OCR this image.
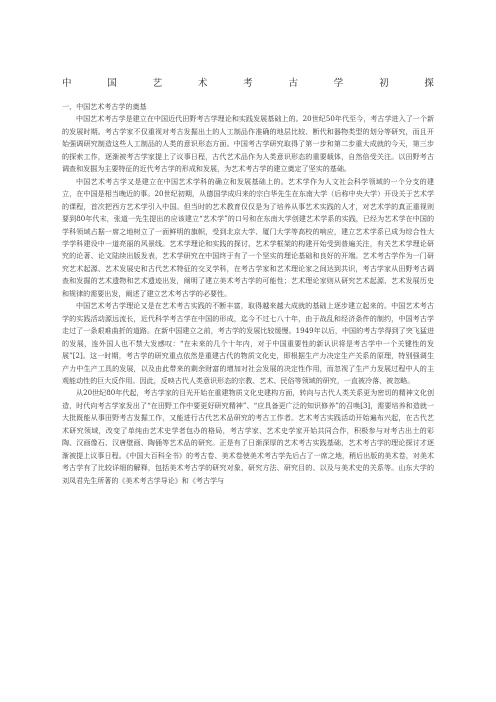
中	国	艺	术	考	古	学	初	探

一、中国艺术考古学的奠基

中国艺术考古学是建立在中国近代田野考古学理论和实践发展基础上的。20世纪50年代至今，考古学进入了一个新的发展时期。考古学家不仅重视对考古发掘出土的人工制品作准确的地层比较、断代和器物类型的划分等研究，而且开始强调研究制造这些人工制品的人类的意识形态方面。中国考古学研究取得了第一步和第二步重大成就的今天，第三步的探索工作，逐渐被考古学家提上了议事日程，古代艺术品作为人类意识形态的重要载体，自然倍受关注。以田野考古调查和发掘为主要特征的近代考古学的形成和发展，为艺术考古学的建立奠定了坚实的基础。

中国艺术考古学又是建立在中国艺术学科的确立和发展基础上的。艺术学作为人文社会科学领域的一个分支的建立，在中国是相当晚近的事。20世纪初期，从德国学成归来的宗白华先生在东南大学（后称中央大学）开设关于艺术学的课程，首次把西方艺术学引入中国。但当时的艺术教育仅仅是为了培养从事艺术实践的人才，对艺术学的真正重视则要到80年代末，张道一先生提出的应该建立“艺术学”的口号和在东南大学创建艺术学系的实践，已经为艺术学在中国的学科领域占据一席之地树立了一面鲜明的旗帜，受到北京大学、厦门大学等高校的响应，建立艺术学系已成为综合性大学学科建设中一道亮丽的风景线。艺术学理论和实践的探讨、艺术学框架的构建开始受到普遍关注，有关艺术学理论研究的论著、论文陆续出版发表，艺术学研究在中国终于有了一个坚实的理论基础和良好的开端。艺术考古学作为一门研究艺术起源、艺术发展史和古代艺术特征的交叉学科，在考古学家和艺术理论家之间达到共识，考古学家从田野考古调查和发掘的艺术遗物和艺术遗迹出发，阐明了建立美术考古学的可能性；艺术理论家则从研究艺术起源、艺术发展历史和规律的需要出发，阐述了建立艺术考古学的必要性。

中国艺术考古学理论又是在艺术考古实践的不断丰富，取得越来越大成就的基础上逐步建立起来的。中国艺术考古学的实践活动源远流长，近代科学考古学在中国的形成，迄今不过七八十年，由于战乱和经济条件的制约，中国考古学走过了一条艰难曲折的道路。在新中国建立之前，考古学的发展比较缓慢。1949年以后，中国的考古学得到了突飞猛进的发展，连外国人也不禁大发感叹：“在未来的几个十年内，对于中国重要性的新认识将是考古学中一个关键性的发展”[2]。这一时期，考古学的研究重点依然是重建古代的物质文化史，即根据生产力决定生产关系的原理，特别强调生产力中生产工具的发展，以及由此带来的剩余财富的增加对社会发展的决定性作用，而忽视了生产力发展过程中人的主观能动性的巨大反作用。因此，反映古代人类意识形态的宗教、艺术、民俗等领域的研究，一直被冷落、被忽略。

从20世纪80年代起，考古学家的目光开始在重建物质文化史建构方面，转向与古代人类关系更为密切的精神文化创造，时代向考古学家发出了“在田野工作中要更好研究精神”、“应具备更广泛的知识修养”的召唤[3]，需要培养和造就一大批既能从事田野考古发掘工作，又能进行古代艺术品研究的考古工作者。艺术考古实践活动开始遍布兴起，在古代艺术研究领域，改变了单纯由艺术史学者包办的格局，考古学家、艺术史学家开始共同合作，积极参与对考古出土的彩陶、汉画像石、汉唐壁画、陶俑等艺术品的研究。正是有了日渐深厚的艺术考古实践基础，艺术考古学的理论探讨才逐渐被提上议事日程。《中国大百科全书》的考古卷、美术卷使美术考古学先后占了一席之地，稍后出版的美术卷，对美术考古学有了比较详细的解释，包括美术考古学的研究对象、研究方法、研究目的、以及与美术史的关系等。山东大学的刘凤君先生所著的《美术考古学导论》和《考古学与
